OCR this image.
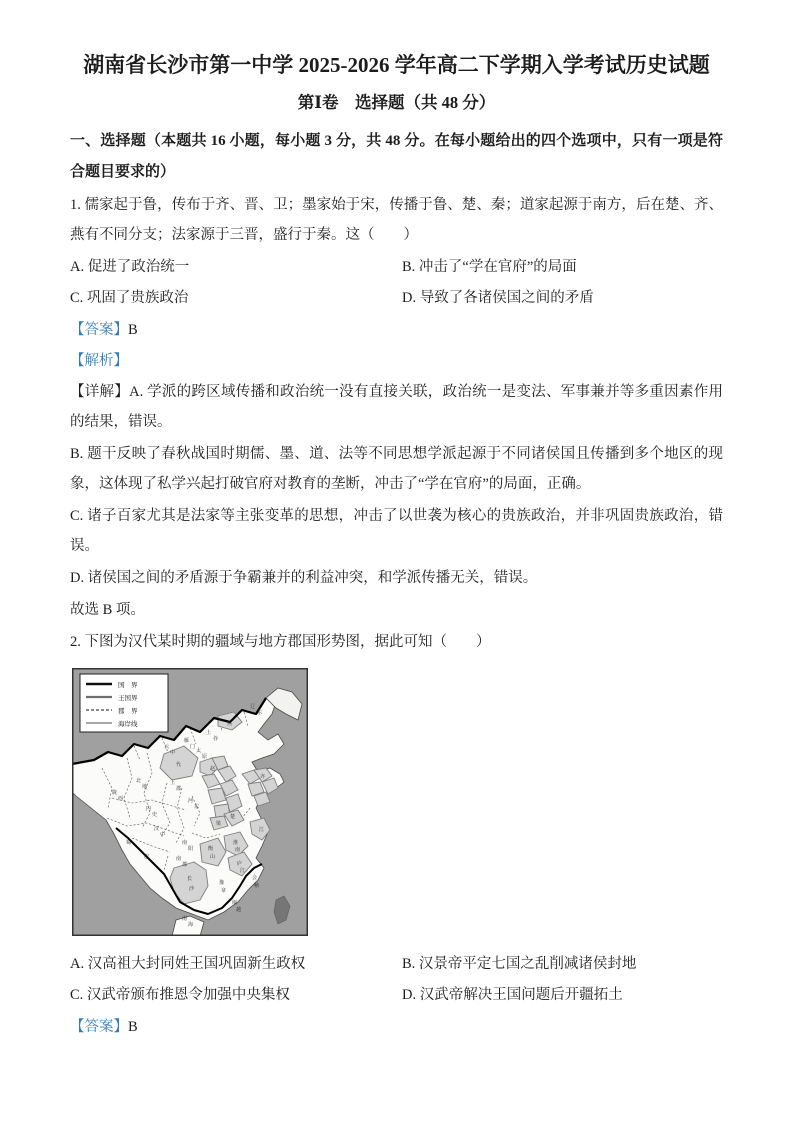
湖南省长沙市第一中学 2025-2026 学年高二下学期入学考试历史试题
第Ⅰ卷　选择题（共 48 分）

一、选择题（本题共 16 小题，每小题 3 分，共 48 分。在每小题给出的四个选项中，只有一项是符合题目要求的）

1. 儒家起于鲁，传布于齐、晋、卫；墨家始于宋，传播于鲁、楚、秦；道家起源于南方，后在楚、齐、燕有不同分支；法家源于三晋，盛行于秦。这（　　）

A. 促进了政治统一	B. 冲击了“学在官府”的局面
C. 巩固了贵族政治	D. 导致了各诸侯国之间的矛盾

【答案】B

【解析】

【详解】A. 学派的跨区域传播和政治统一没有直接关联，政治统一是变法、军事兼并等多重因素作用的结果，错误。

B. 题干反映了春秋战国时期儒、墨、道、法等不同思想学派起源于不同诸侯国且传播到多个地区的现象，这体现了私学兴起打破官府对教育的垄断，冲击了“学在官府”的局面，正确。

C. 诸子百家尤其是法家等主张变革的思想，冲击了以世袭为核心的贵族政治，并非巩固贵族政治，错误。

D. 诸侯国之间的矛盾源于争霸兼并的利益冲突，和学派传播无关，错误。

故选 B 项。

2. 下图为汉代某时期的疆域与地方郡国形势图，据此可知（　　）

辽
东
上
谷
燕
雁
门
云
中	太
原
代
上
郡
北
地
陇
西	河
东
内
史
汉
中
蜀
巴
南
阳
南
郡
赵
梁
楚
齐
江
淮
南
衡
山
庐
江
长
沙
豫
章
会
稽
闽
越
南
海
国　界
王国界
郡　界
海岸线
A. 汉高祖大封同姓王国巩固新生政权	B. 汉景帝平定七国之乱削减诸侯封地
C. 汉武帝颁布推恩令加强中央集权	D. 汉武帝解决王国问题后开疆拓土

【答案】B
